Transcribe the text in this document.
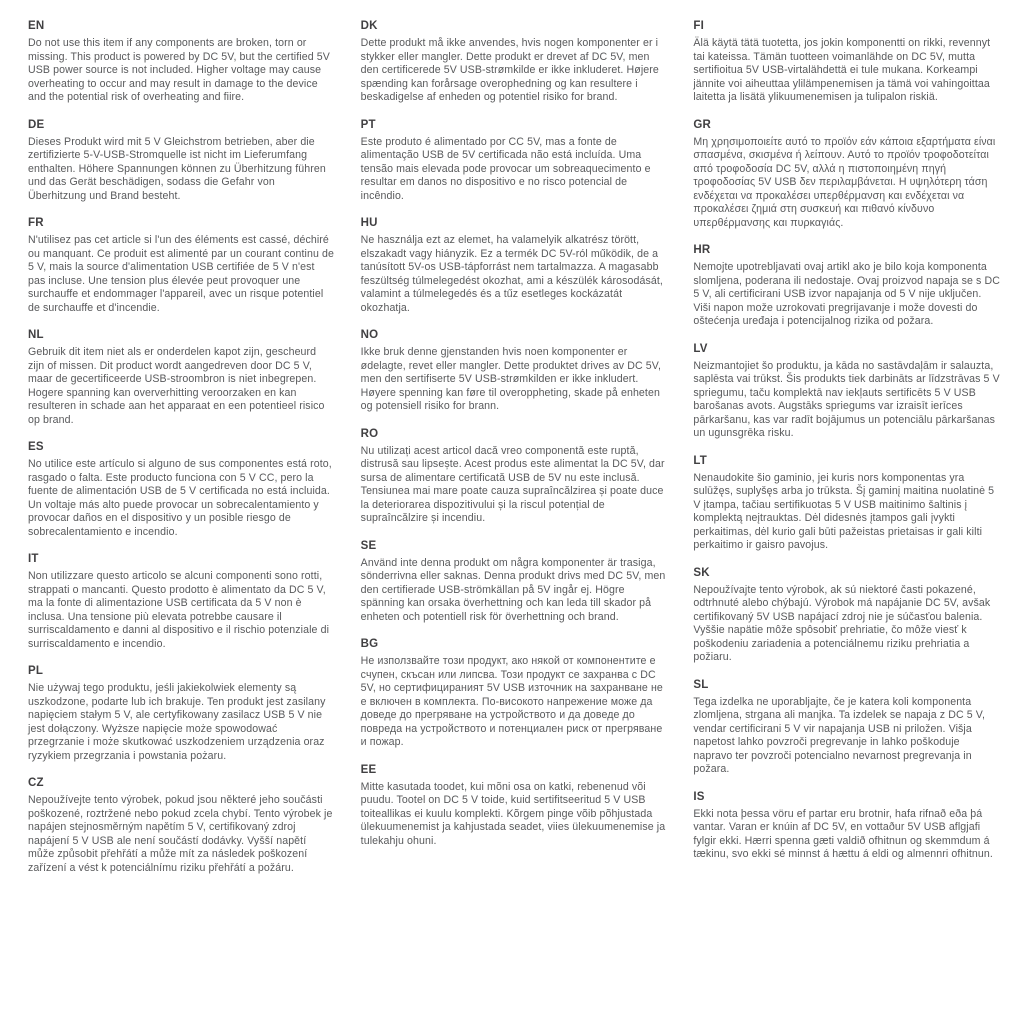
EN

Do not use this item if any components are broken, torn or missing. This product is powered by DC 5V, but the certified 5V USB power source is not included. Higher voltage may cause overheating to occur and may result in damage to the device and the potential risk of overheating and fiire.

DE

Dieses Produkt wird mit 5 V Gleichstrom betrieben, aber die zertifizierte 5-V-USB-Stromquelle ist nicht im Lieferumfang enthalten. Höhere Spannungen können zu Überhitzung führen und das Gerät beschädigen, sodass die Gefahr von Überhitzung und Brand besteht.

FR

N'utilisez pas cet article si l'un des éléments est cassé, déchiré ou manquant. Ce produit est alimenté par un courant continu de 5 V, mais la source d'alimentation USB certifiée de 5 V n'est pas incluse. Une tension plus élevée peut provoquer une surchauffe et endommager l'appareil, avec un risque potentiel de surchauffe et d'incendie.

NL

Gebruik dit item niet als er onderdelen kapot zijn, gescheurd zijn of missen. Dit product wordt aangedreven door DC 5 V, maar de gecertificeerde USB-stroombron is niet inbegrepen. Hogere spanning kan oververhitting veroorzaken en kan resulteren in schade aan het apparaat en een potentieel risico op brand.

ES

No utilice este artículo si alguno de sus componentes está roto, rasgado o falta. Este producto funciona con 5 V CC, pero la fuente de alimentación USB de 5 V certificada no está incluida. Un voltaje más alto puede provocar un sobrecalentamiento y provocar daños en el dispositivo y un posible riesgo de sobrecalentamiento e incendio.

IT

Non utilizzare questo articolo se alcuni componenti sono rotti, strappati o mancanti. Questo prodotto è alimentato da DC 5 V, ma la fonte di alimentazione USB certificata da 5 V non è inclusa. Una tensione più elevata potrebbe causare il surriscaldamento e danni al dispositivo e il rischio potenziale di surriscaldamento e incendio.

PL

Nie używaj tego produktu, jeśli jakiekolwiek elementy są uszkodzone, podarte lub ich brakuje. Ten produkt jest zasilany napięciem stałym 5 V, ale certyfikowany zasilacz USB 5 V nie jest dołączony. Wyższe napięcie może spowodować przegrzanie i może skutkować uszkodzeniem urządzenia oraz ryzykiem przegrzania i powstania pożaru.

CZ

Nepoužívejte tento výrobek, pokud jsou některé jeho součásti poškozené, roztržené nebo pokud zcela chybí. Tento výrobek je napájen stejnosměrným napětím 5 V, certifikovaný zdroj napájení 5 V USB ale není součástí dodávky. Vyšší napětí může způsobit přehřátí a může mít za následek poškození zařízení a vést k potenciálnímu riziku přehřátí a požáru.

DK

Dette produkt må ikke anvendes, hvis nogen komponenter er i stykker eller mangler. Dette produkt er drevet af DC 5V, men den certificerede 5V USB-strømkilde er ikke inkluderet. Højere spænding kan forårsage overophedning og kan resultere i beskadigelse af enheden og potentiel risiko for brand.

PT

Este produto é alimentado por CC 5V, mas a fonte de alimentação USB de 5V certificada não está incluída. Uma tensão mais elevada pode provocar um sobreaquecimento e resultar em danos no dispositivo e no risco potencial de incêndio.

HU

Ne használja ezt az elemet, ha valamelyik alkatrész törött, elszakadt vagy hiányzik. Ez a termék DC 5V-ról működik, de a tanúsított 5V-os USB-tápforrást nem tartalmazza. A magasabb feszültség túlmelegedést okozhat, ami a készülék károsodását, valamint a túlmelegedés és a tűz esetleges kockázatát okozhatja.

NO

Ikke bruk denne gjenstanden hvis noen komponenter er ødelagte, revet eller mangler. Dette produktet drives av DC 5V, men den sertifiserte 5V USB-strømkilden er ikke inkludert. Høyere spenning kan føre til overoppheting, skade på enheten og potensiell risiko for brann.

RO

Nu utilizați acest articol dacă vreo componentă este ruptă, distrusă sau lipsește. Acest produs este alimentat la DC 5V, dar sursa de alimentare certificată USB de 5V nu este inclusă. Tensiunea mai mare poate cauza supraîncălzirea și poate duce la deteriorarea dispozitivului și la riscul potențial de supraîncălzire și incendiu.

SE

Använd inte denna produkt om några komponenter är trasiga, sönderrivna eller saknas. Denna produkt drivs med DC 5V, men den certifierade USB-strömkällan på 5V ingår ej. Högre spänning kan orsaka överhettning och kan leda till skador på enheten och potentiell risk för överhettning och brand.

BG

Не използвайте този продукт, ако някой от компонентите е счупен, скъсан или липсва. Този продукт се захранва с DC 5V, но сертифицираният 5V USB източник на захранване не е включен в комплекта. По-високото напрежение може да доведе до прегряване на устройството и да доведе до повреда на устройството и потенциален риск от прегряване и пожар.

EE

Mitte kasutada toodet, kui mõni osa on katki, rebenenud või puudu. Tootel on DC 5 V toide, kuid sertifitseeritud 5 V USB toiteallikas ei kuulu komplekti. Kõrgem pinge võib põhjustada ülekuumenemist ja kahjustada seadet, viies ülekuumenemise ja tulekahju ohuni.

FI

Älä käytä tätä tuotetta, jos jokin komponentti on rikki, revennyt tai kateissa. Tämän tuotteen voimanlähde on DC 5V, mutta sertifioitua 5V USB-virtalähdettä ei tule mukana. Korkeampi jännite voi aiheuttaa ylilämpenemisen ja tämä voi vahingoittaa laitetta ja lisätä ylikuumenemisen ja tulipalon riskiä.

GR

Μη χρησιμοποιείτε αυτό το προϊόν εάν κάποια εξαρτήματα είναι σπασμένα, σκισμένα ή λείπουν. Αυτό το προϊόν τροφοδοτείται από τροφοδοσία DC 5V, αλλά η πιστοποιημένη πηγή τροφοδοσίας 5V USB δεν περιλαμβάνεται. Η υψηλότερη τάση ενδέχεται να προκαλέσει υπερθέρμανση και ενδέχεται να προκαλέσει ζημιά στη συσκευή και πιθανό κίνδυνο υπερθέρμανσης και πυρκαγιάς.

HR

Nemojte upotrebljavati ovaj artikl ako je bilo koja komponenta slomljena, poderana ili nedostaje. Ovaj proizvod napaja se s DC 5 V, ali certificirani USB izvor napajanja od 5 V nije uključen. Viši napon može uzrokovati pregrijavanje i može dovesti do oštećenja uređaja i potencijalnog rizika od požara.

LV

Neizmantojiet šo produktu, ja kāda no sastāvdaļām ir salauzta, saplēsta vai trūkst. Šis produkts tiek darbināts ar līdzstrāvas 5 V spriegumu, taču komplektā nav iekļauts sertificēts 5 V USB barošanas avots. Augstāks spriegums var izraisīt ierīces pārkaršanu, kas var radīt bojājumus un potenciālu pārkaršanas un ugunsgrēka risku.

LT

Nenaudokite šio gaminio, jei kuris nors komponentas yra sulūžęs, suplyšęs arba jo trūksta. Šį gaminį maitina nuolatinė 5 V įtampa, tačiau sertifikuotas 5 V USB maitinimo šaltinis į komplektą neįtrauktas. Dėl didesnės įtampos gali įvykti perkaitimas, dėl kurio gali būti pažeistas prietaisas ir gali kilti perkaitimo ir gaisro pavojus.

SK

Nepoužívajte tento výrobok, ak sú niektoré časti pokazené, odtrhnuté alebo chýbajú. Výrobok má napájanie DC 5V, avšak certifikovaný 5V USB napájací zdroj nie je súčasťou balenia. Vyššie napätie môže spôsobiť prehriatie, čo môže viesť k poškodeniu zariadenia a potenciálnemu riziku prehriatia a požiaru.

SL

Tega izdelka ne uporabljajte, če je katera koli komponenta zlomljena, strgana ali manjka. Ta izdelek se napaja z DC 5 V, vendar certificirani 5 V vir napajanja USB ni priložen. Višja napetost lahko povzroči pregrevanje in lahko poškoduje napravo ter povzroči potencialno nevarnost pregrevanja in požara.

IS

Ekki nota þessa vöru ef partar eru brotnir, hafa rifnað eða þá vantar. Varan er knúin af DC 5V, en vottaður 5V USB aflgjafi fylgir ekki. Hærri spenna gæti valdið ofhitnun og skemmdum á tækinu, svo ekki sé minnst á hættu á eldi og almennri ofhitnun.
